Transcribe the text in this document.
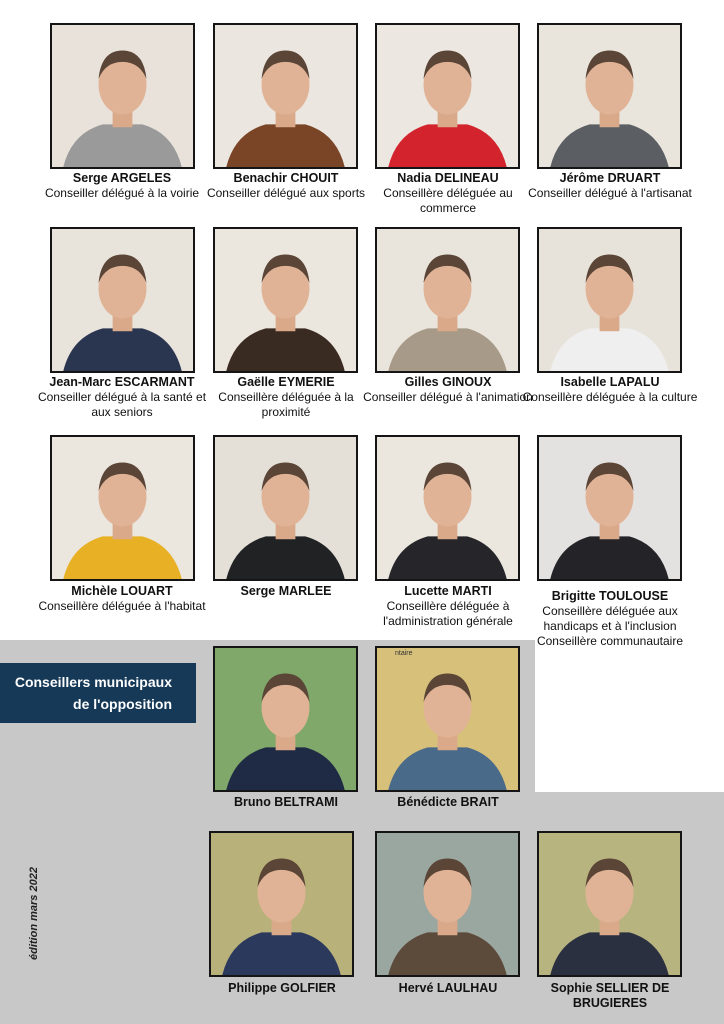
Conseillers municipaux
de l'opposition
édition mars 2022
Serge ARGELES
Conseiller délégué à la voirie
Benachir CHOUIT
Conseiller délégué aux sports
Nadia DELINEAU
Conseillère déléguée au commerce
Jérôme DRUART
Conseiller délégué à l'artisanat
Jean-Marc ESCARMANT
Conseiller délégué à la santé et aux seniors
Gaëlle EYMERIE
Conseillère déléguée à la proximité
Gilles GINOUX
Conseiller délégué à l'animation
Isabelle LAPALU
Conseillère déléguée à la culture
Michèle LOUART
Conseillère déléguée à l'habitat
Serge MARLEE	Lucette MARTI
Conseillère déléguée à l'administration générale
Brigitte TOULOUSE
Conseillère déléguée aux handicaps et à l'inclusion
Conseillère communautaire
Bruno BELTRAMI
ntaire
Bénédicte BRAIT
Philippe GOLFIER	Hervé LAULHAU	Sophie SELLIER DE BRUGIERES
